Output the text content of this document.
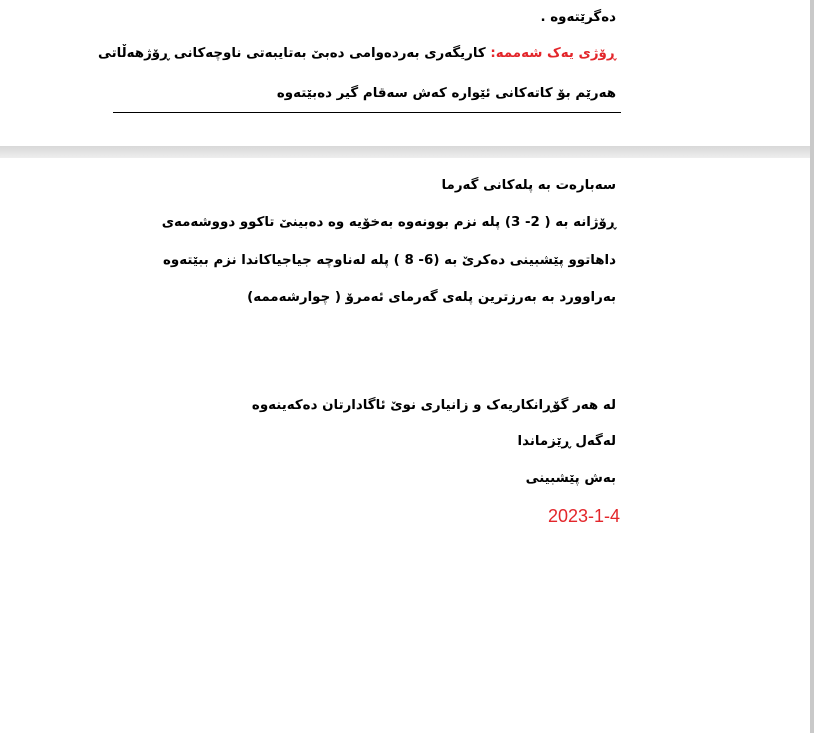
دەگرێتەوە .
ڕۆژی یەک شەممە: کاریگەری بەردەوامی دەبێ بەتایبەتی ناوچەکانی ڕۆژهەڵاتی
هەرێم بۆ کاتەکانی ئێوارە کەش سەقام گیر دەبێتەوە
سەبارەت بە پلەکانی گەرما
ڕۆژانە بە ( 2- 3) پلە نزم بوونەوە بەخۆیە وە دەبینێ تاکوو دووشەمەی
داهاتوو پێشبینی دەکرێ بە (6- 8 ) پلە لەناوچە جیاجیاکاندا نزم ببێتەوە
بەراوورد بە بەرزترین پلەی گەرمای ئەمرۆ ( چوارشەممە)
لە هەر گۆڕانکاریەک و زانیاری نوێ ئاگادارتان دەکەینەوە
لەگەل ڕێزماندا
بەش پێشبینی
2023-1-4
